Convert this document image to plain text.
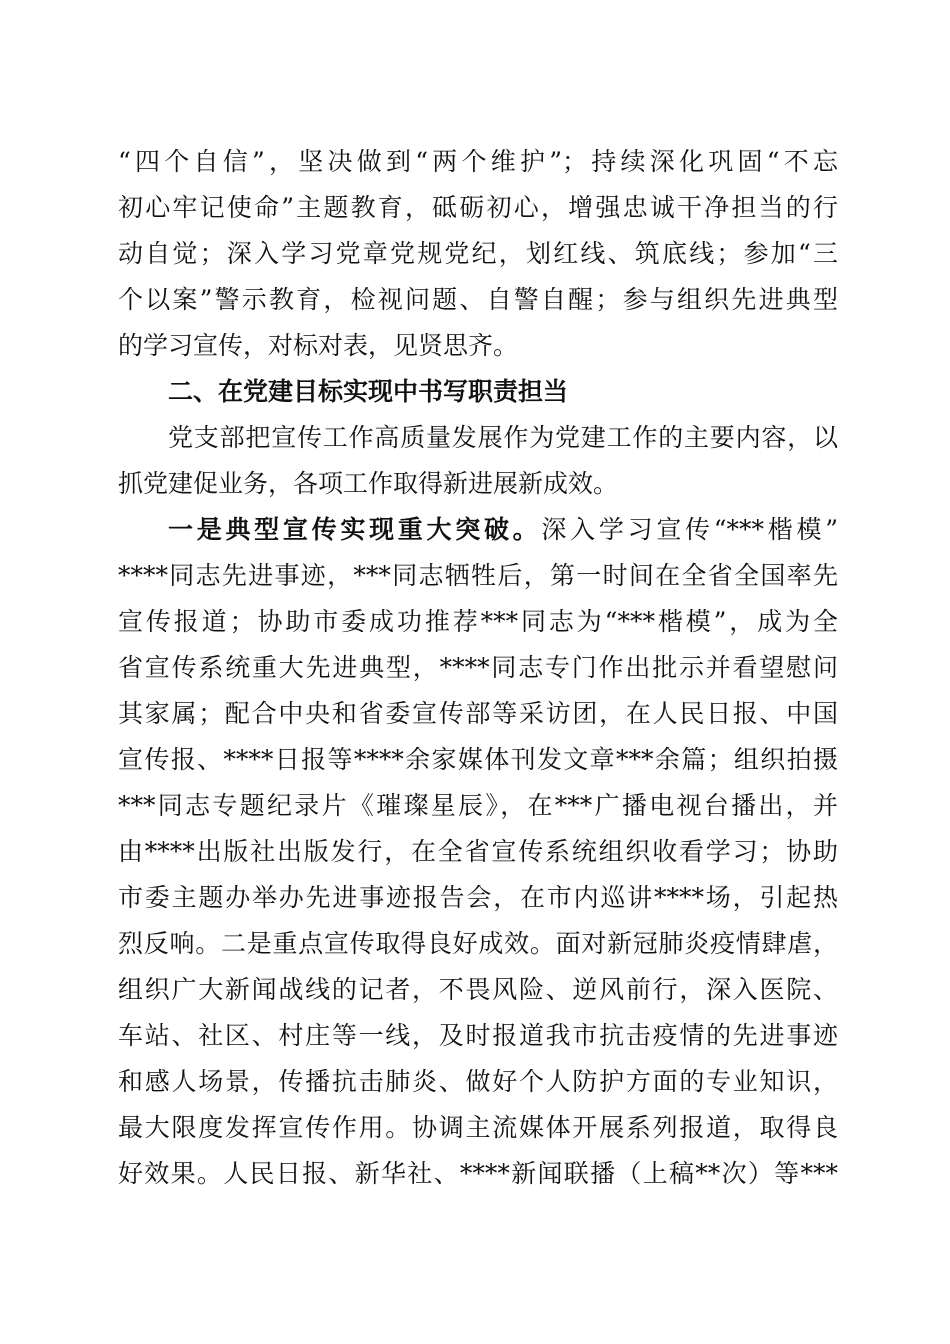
“四个自信”，坚决做到“两个维护”；持续深化巩固“不忘
初心牢记使命”主题教育，砥砺初心，增强忠诚干净担当的行
动自觉；深入学习党章党规党纪，划红线、筑底线；参加“三
个以案”警示教育，检视问题、自警自醒；参与组织先进典型
的学习宣传，对标对表，见贤思齐。
二、在党建目标实现中书写职责担当
党支部把宣传工作高质量发展作为党建工作的主要内容，以
抓党建促业务，各项工作取得新进展新成效。
一是典型宣传实现重大突破。深入学习宣传“***楷模”
****同志先进事迹，***同志牺牲后，第一时间在全省全国率先
宣传报道；协助市委成功推荐***同志为“***楷模”，成为全
省宣传系统重大先进典型，****同志专门作出批示并看望慰问
其家属；配合中央和省委宣传部等采访团，在人民日报、中国
宣传报、****日报等****余家媒体刊发文章***余篇；组织拍摄
***同志专题纪录片《璀璨星辰》，在***广播电视台播出，并
由****出版社出版发行，在全省宣传系统组织收看学习；协助
市委主题办举办先进事迹报告会，在市内巡讲****场，引起热
烈反响。二是重点宣传取得良好成效。面对新冠肺炎疫情肆虐，
组织广大新闻战线的记者，不畏风险、逆风前行，深入医院、
车站、社区、村庄等一线，及时报道我市抗击疫情的先进事迹
和感人场景，传播抗击肺炎、做好个人防护方面的专业知识，
最大限度发挥宣传作用。协调主流媒体开展系列报道，取得良
好效果。人民日报、新华社、****新闻联播（上稿**次）等***
